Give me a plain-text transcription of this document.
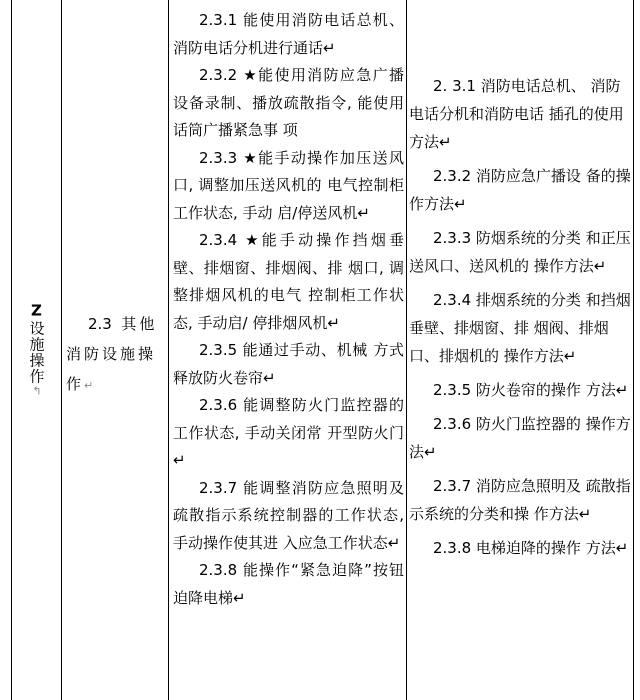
Z设施操作↰
2.3 其他消防设施操作↵
2.3.1 能使用消防电话总机、消防电话分机进行通话↵
2.3.2 ★能使用消防应急广播设备录制、播放疏散指令, 能使用话筒广播紧急事 项
2.3.3 ★能手动操作加压送风口, 调整加压送风机的 电气控制柜工作状态, 手动 启/停送风机↵
2.3.4 ★能手动操作挡烟垂壁、排烟窗、排烟阀、排 烟口, 调整排烟风机的电气 控制柜工作状态, 手动启/ 停排烟风机↵
2.3.5 能通过手动、机械 方式释放防火卷帘↵
2.3.6 能调整防火门监控器的工作状态, 手动关闭常 开型防火门↵
2.3.7 能调整消防应急照明及疏散指示系统控制器的工作状态, 手动操作使其进 入应急工作状态↵
2.3.8 能操作“紧急迫降”按钮迫降电梯↵
2. 3.1 消防电话总机、 消防电话分机和消防电话 插孔的使用方法↵
2.3.2 消防应急广播设 备的操作方法↵
2.3.3 防烟系统的分类 和正压送风口、送风机的 操作方法↵
2.3.4 排烟系统的分类 和挡烟垂壁、排烟窗、排 烟阀、排烟口、排烟机的 操作方法↵
2.3.5 防火卷帘的操作 方法↵
2.3.6 防火门监控器的 操作方法↵
2.3.7 消防应急照明及 疏散指示系统的分类和操 作方法↵
2.3.8 电梯迫降的操作 方法↵
